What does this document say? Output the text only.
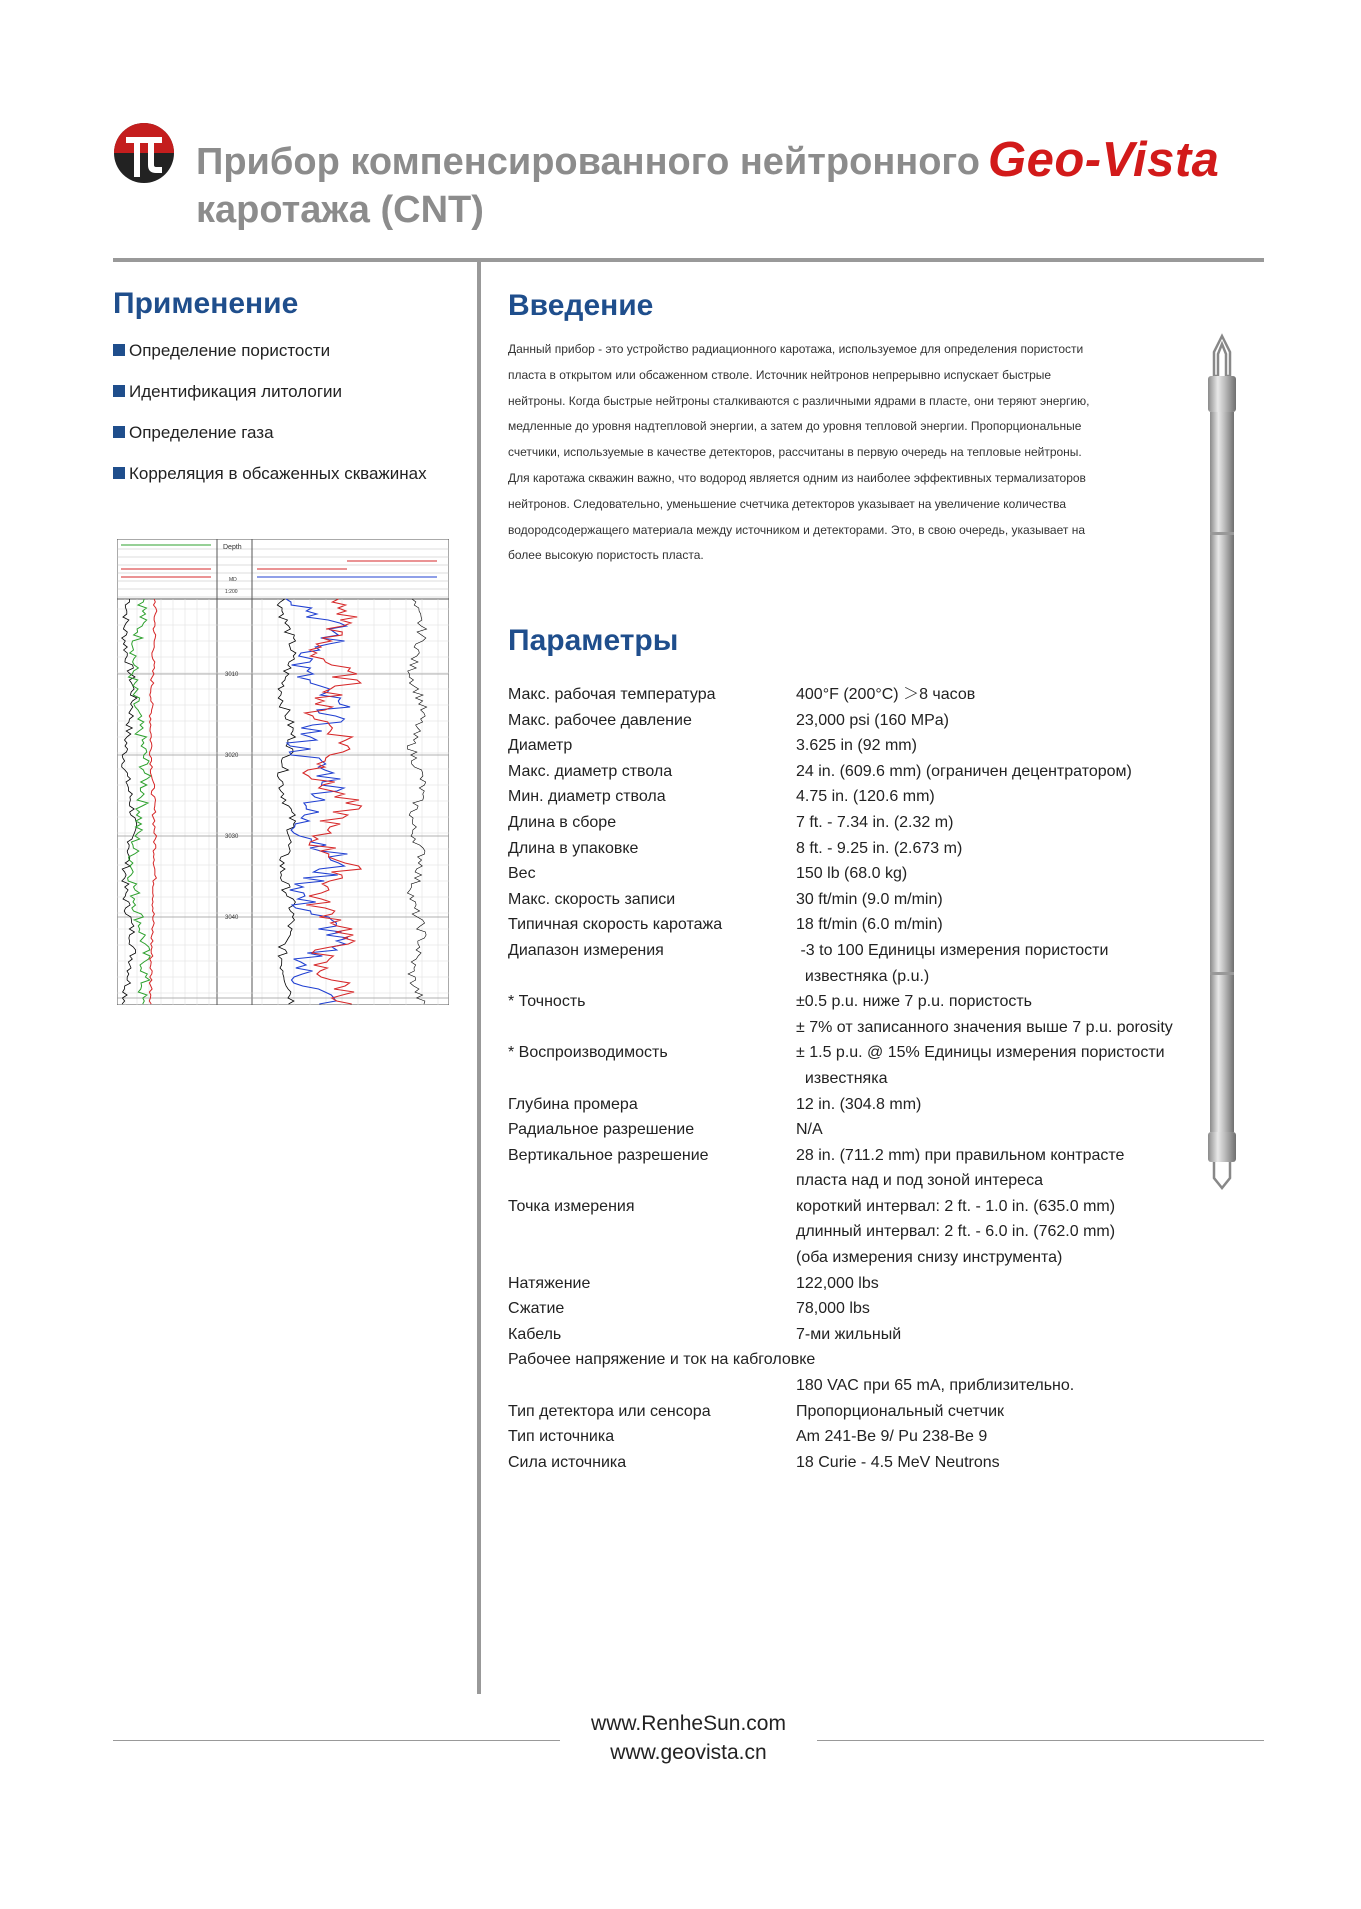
Прибор компенсированного нейтронного
каротажа (CNT)
Geo-Vista
Применение
Определение пористости
Идентификация литологии
Определение газа
Корреляция в обсаженных скважинах
Depth
MD
1:200
3010
3020
3030
3040
Введение

Данный прибор - это устройство радиационного каротажа, используемое для определения пористости
пласта в открытом или обсаженном стволе. Источник нейтронов непрерывно испускает быстрые
нейтроны. Когда быстрые нейтроны сталкиваются с различными ядрами в пласте, они теряют энергию,
медленные до уровня надтепловой энергии, а затем до уровня тепловой энергии. Пропорциональные
счетчики, используемые в качестве детекторов, рассчитаны в первую очередь на тепловые нейтроны.
Для каротажа скважин важно, что водород является одним из наиболее эффективных термализаторов
нейтронов. Следовательно, уменьшение счетчика детекторов указывает на увеличение количества
водородсодержащего материала между источником и детекторами. Это, в свою очередь, указывает на
более высокую пористость пласта.

Параметры
Макс. рабочая температура	400°F (200°C) ＞8 часов
Макс. рабочее давление	23,000 psi (160 MPa)
Диаметр	3.625 in (92 mm)
Макс. диаметр ствола	24 in. (609.6 mm) (ограничен децентратором)
Мин. диаметр ствола	4.75 in. (120.6 mm)
Длина в сборе	7 ft. - 7.34 in. (2.32 m)
Длина в упаковке	8 ft. - 9.25 in. (2.673 m)
Вес	150 lb (68.0 kg)
Макс. скорость записи	30 ft/min (9.0 m/min)
Типичная скорость каротажа	18 ft/min (6.0 m/min)
Диапазон измерения	-3 to 100 Единицы измерения пористости
известняка (p.u.)
* Точность	±0.5 p.u. ниже 7 p.u. пористость
± 7% от записанного значения выше 7 p.u. porosity
* Воспроизводимость	± 1.5 p.u. @ 15% Единицы измерения пористости
известняка
Глубина промера	12 in. (304.8 mm)
Радиальное разрешение	N/A
Вертикальное разрешение	28 in. (711.2 mm) при правильном контрасте
пласта над и под зоной интереса
Точка измерения	короткий интервал: 2 ft. - 1.0 in. (635.0 mm)
длинный интервал: 2 ft. - 6.0 in. (762.0 mm)
(оба измерения снизу инструмента)
Натяжение	122,000 lbs
Сжатие	78,000 lbs
Кабель	7-ми жильный
Рабочее напряжение и ток на кабголовке

180 VAC при 65 mA, приблизительно.
Тип детектора или сенсора	Пропорциональный счетчик
Тип источника	Am 241-Be 9/ Pu 238-Be 9
Сила источника	18 Curie - 4.5 MeV Neutrons
www.RenheSun.com
www.geovista.cn
